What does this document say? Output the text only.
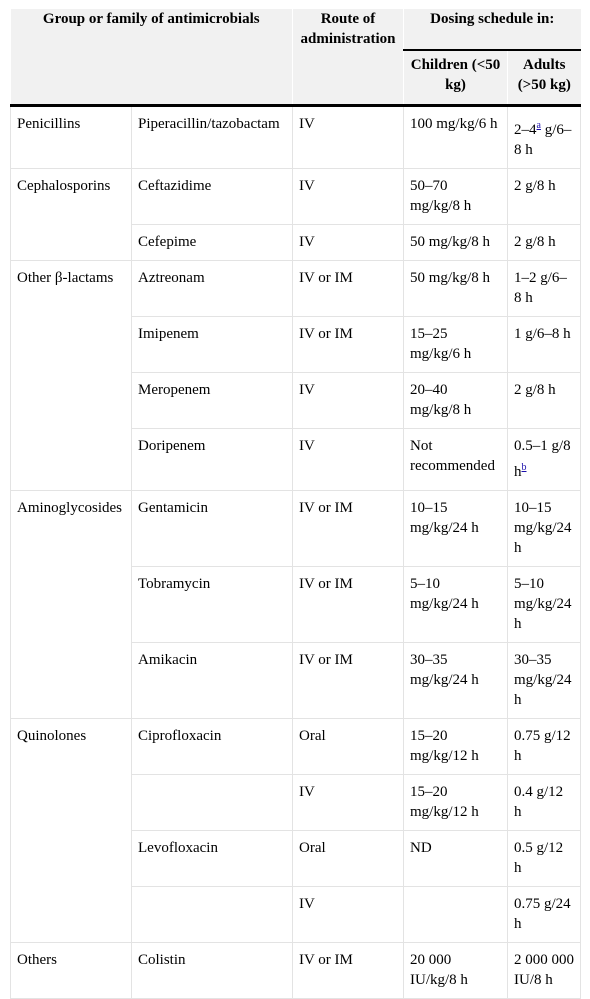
Group or family of antimicrobials		Route of administration	Dosing schedule in:	
			Children (<50 kg)	Adults (>50 kg)
Penicillins	Piperacillin/tazobactam	IV	100 mg/kg/6 h	2–4$^a$ g/6–8 h
Cephalosporins	Ceftazidime	IV	50–70 mg/kg/8 h	2 g/8 h
	Cefepime	IV	50 mg/kg/8 h	2 g/8 h
Other β-lactams	Aztreonam	IV or IM	50 mg/kg/8 h	1–2 g/6–8 h
	Imipenem	IV or IM	15–25 mg/kg/6 h	1 g/6–8 h
	Meropenem	IV	20–40 mg/kg/8 h	2 g/8 h
	Doripenem	IV	Not recommended	0.5–1 g/8 h$^b$
Aminoglycosides	Gentamicin	IV or IM	10–15 mg/kg/24 h	10–15 mg/kg/24 h
	Tobramycin	IV or IM	5–10 mg/kg/24 h	5–10 mg/kg/24 h
	Amikacin	IV or IM	30–35 mg/kg/24 h	30–35 mg/kg/24 h
Quinolones	Ciprofloxacin	Oral	15–20 mg/kg/12 h	0.75 g/12 h
		IV	15–20 mg/kg/12 h	0.4 g/12 h
	Levofloxacin	Oral	ND	0.5 g/12 h
		IV		0.75 g/24 h
Others	Colistin	IV or IM	20 000 IU/kg/8 h	2 000 000 IU/8 h
